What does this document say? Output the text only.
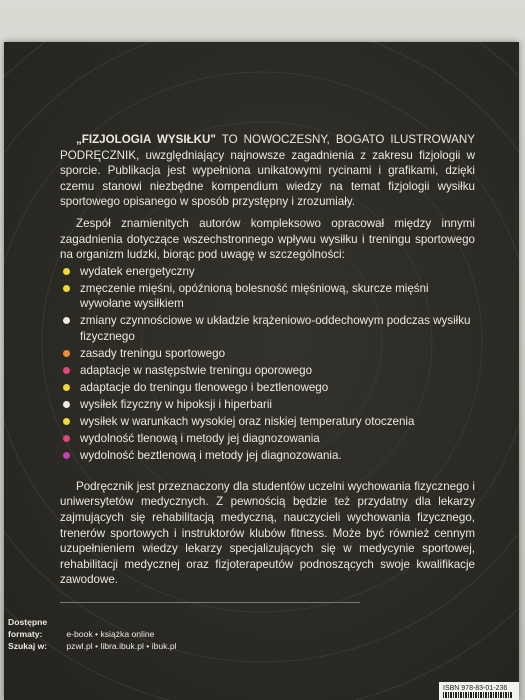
„FIZJOLOGIA WYSIŁKU" TO NOWOCZESNY, BOGATO ILUSTROWANY PODRĘCZNIK, uwzględniający najnowsze zagadnienia z zakresu fizjologii w sporcie. Publikacja jest wypełniona unikatowymi rycinami i grafikami, dzięki czemu stanowi niezbędne kompendium wiedzy na temat fizjologii wysiłku sportowego opisanego w sposób przystępny i zrozumiały.

Zespół znamienitych autorów kompleksowo opracował między innymi zagadnienia dotyczące wszechstronnego wpływu wysiłku i treningu sportowego na organizm ludzki, biorąc pod uwagę w szczególności:

wydatek energetyczny
zmęczenie mięśni, opóźnioną bolesność mięśniową, skurcze mięśni wywołane wysiłkiem
zmiany czynnościowe w układzie krążeniowo-oddechowym podczas wysiłku fizycznego
zasady treningu sportowego
adaptacje w następstwie treningu oporowego
adaptacje do treningu tlenowego i beztlenowego
wysiłek fizyczny w hipoksji i hiperbarii
wysiłek w warunkach wysokiej oraz niskiej temperatury otoczenia
wydolność tlenową i metody jej diagnozowania
wydolność beztlenową i metody jej diagnozowania.

Podręcznik jest przeznaczony dla studentów uczelni wychowania fizycznego i uniwersytetów medycznych. Z pewnością będzie też przydatny dla lekarzy zajmujących się rehabilitacją medyczną, nauczycieli wychowania fizycznego, trenerów sportowych i instruktorów klubów fitness. Może być również cennym uzupełnieniem wiedzy lekarzy specjalizujących się w medycynie sportowej, rehabilitacji medycznej oraz fizjoterapeutów podnoszących swoje kwalifikacje zawodowe.

Dostępne formaty:	e-book • książka online
Szukaj w: pzwl.pl • libra.ibuk.pl • ibuk.pl
ISBN 978-83-01-236
